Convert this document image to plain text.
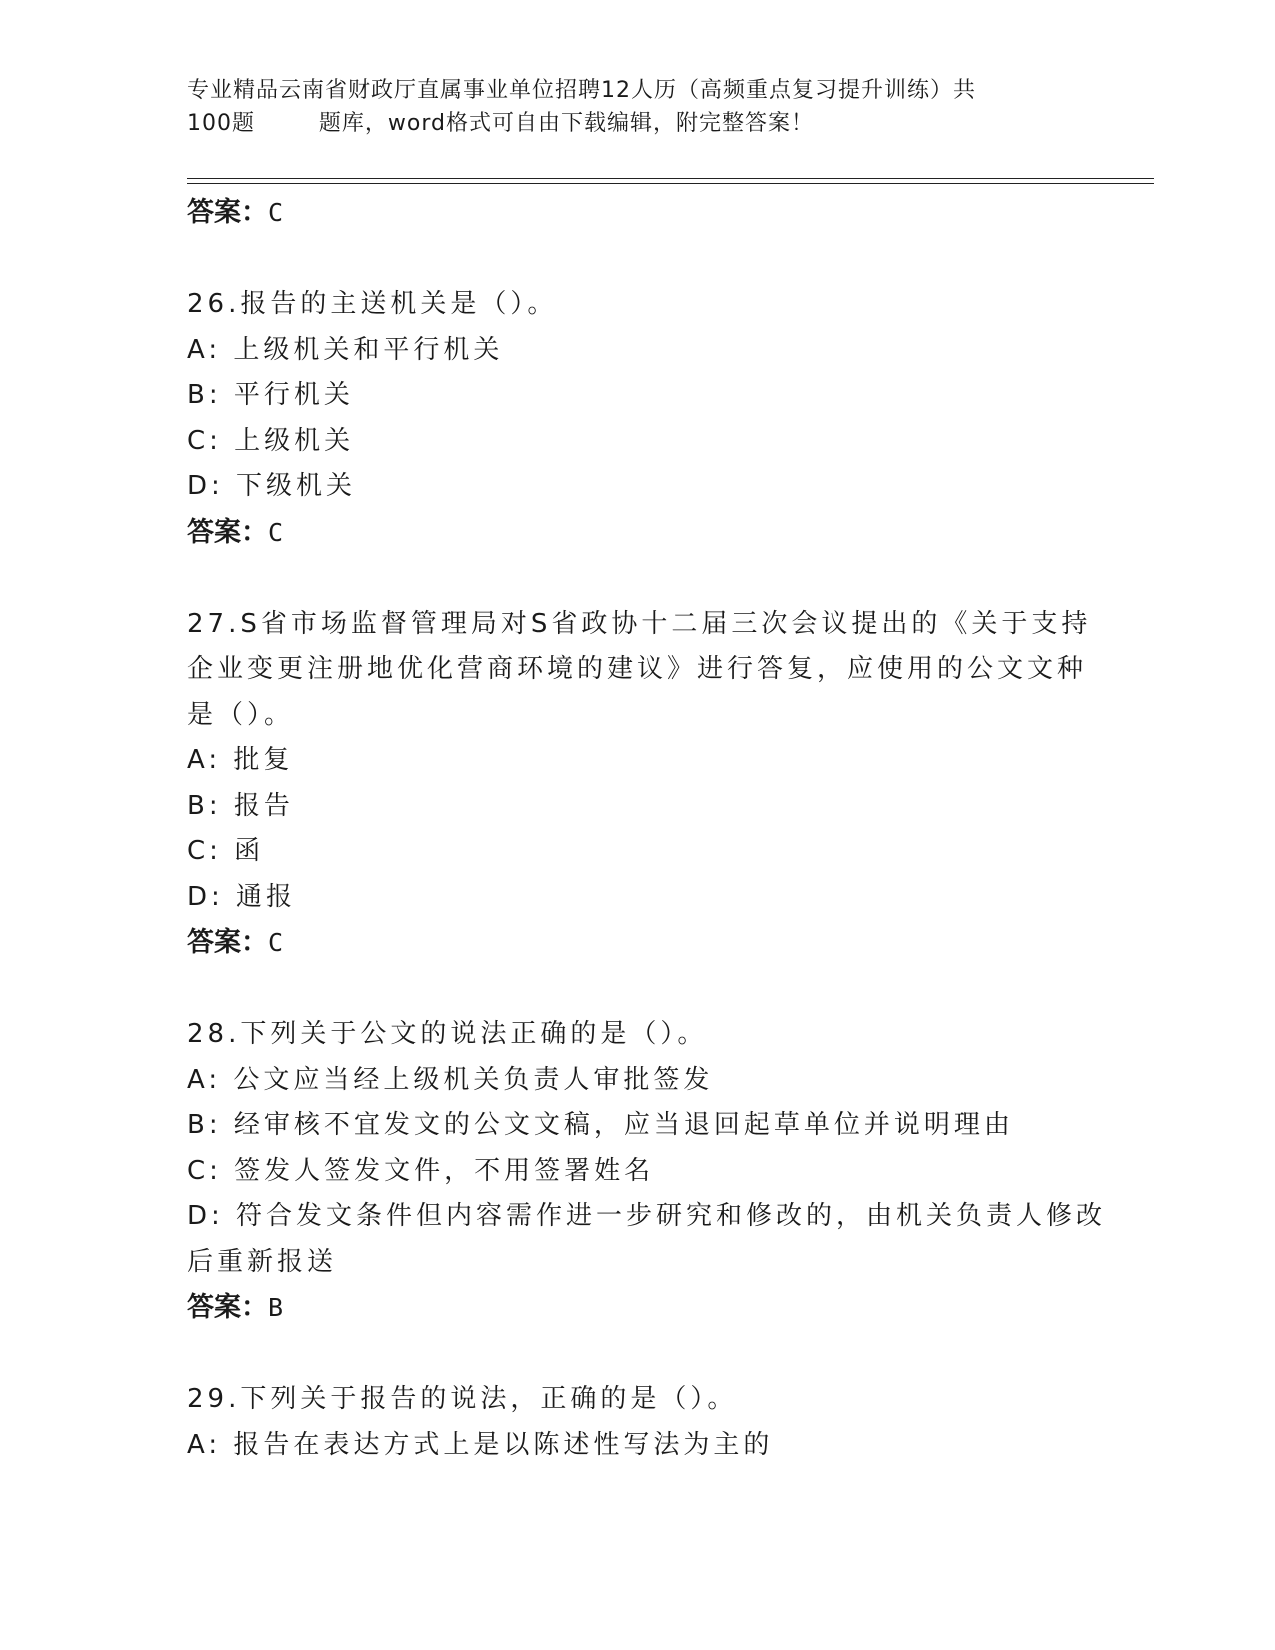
专业精品云南省财政厅直属事业单位招聘12人历（高频重点复习提升训练）共
100题        题库，word格式可自由下载编辑，附完整答案！
答案：C
26.报告的主送机关是（）。
A: 上级机关和平行机关
B: 平行机关
C: 上级机关
D: 下级机关
答案：C
27.S省市场监督管理局对S省政协十二届三次会议提出的《关于支持
企业变更注册地优化营商环境的建议》进行答复，应使用的公文文种
是（）。
A: 批复
B: 报告
C: 函
D: 通报
答案：C
28.下列关于公文的说法正确的是（）。
A: 公文应当经上级机关负责人审批签发
B: 经审核不宜发文的公文文稿，应当退回起草单位并说明理由
C: 签发人签发文件，不用签署姓名
D: 符合发文条件但内容需作进一步研究和修改的，由机关负责人修改
后重新报送
答案：B
29.下列关于报告的说法，正确的是（）。
A: 报告在表达方式上是以陈述性写法为主的
